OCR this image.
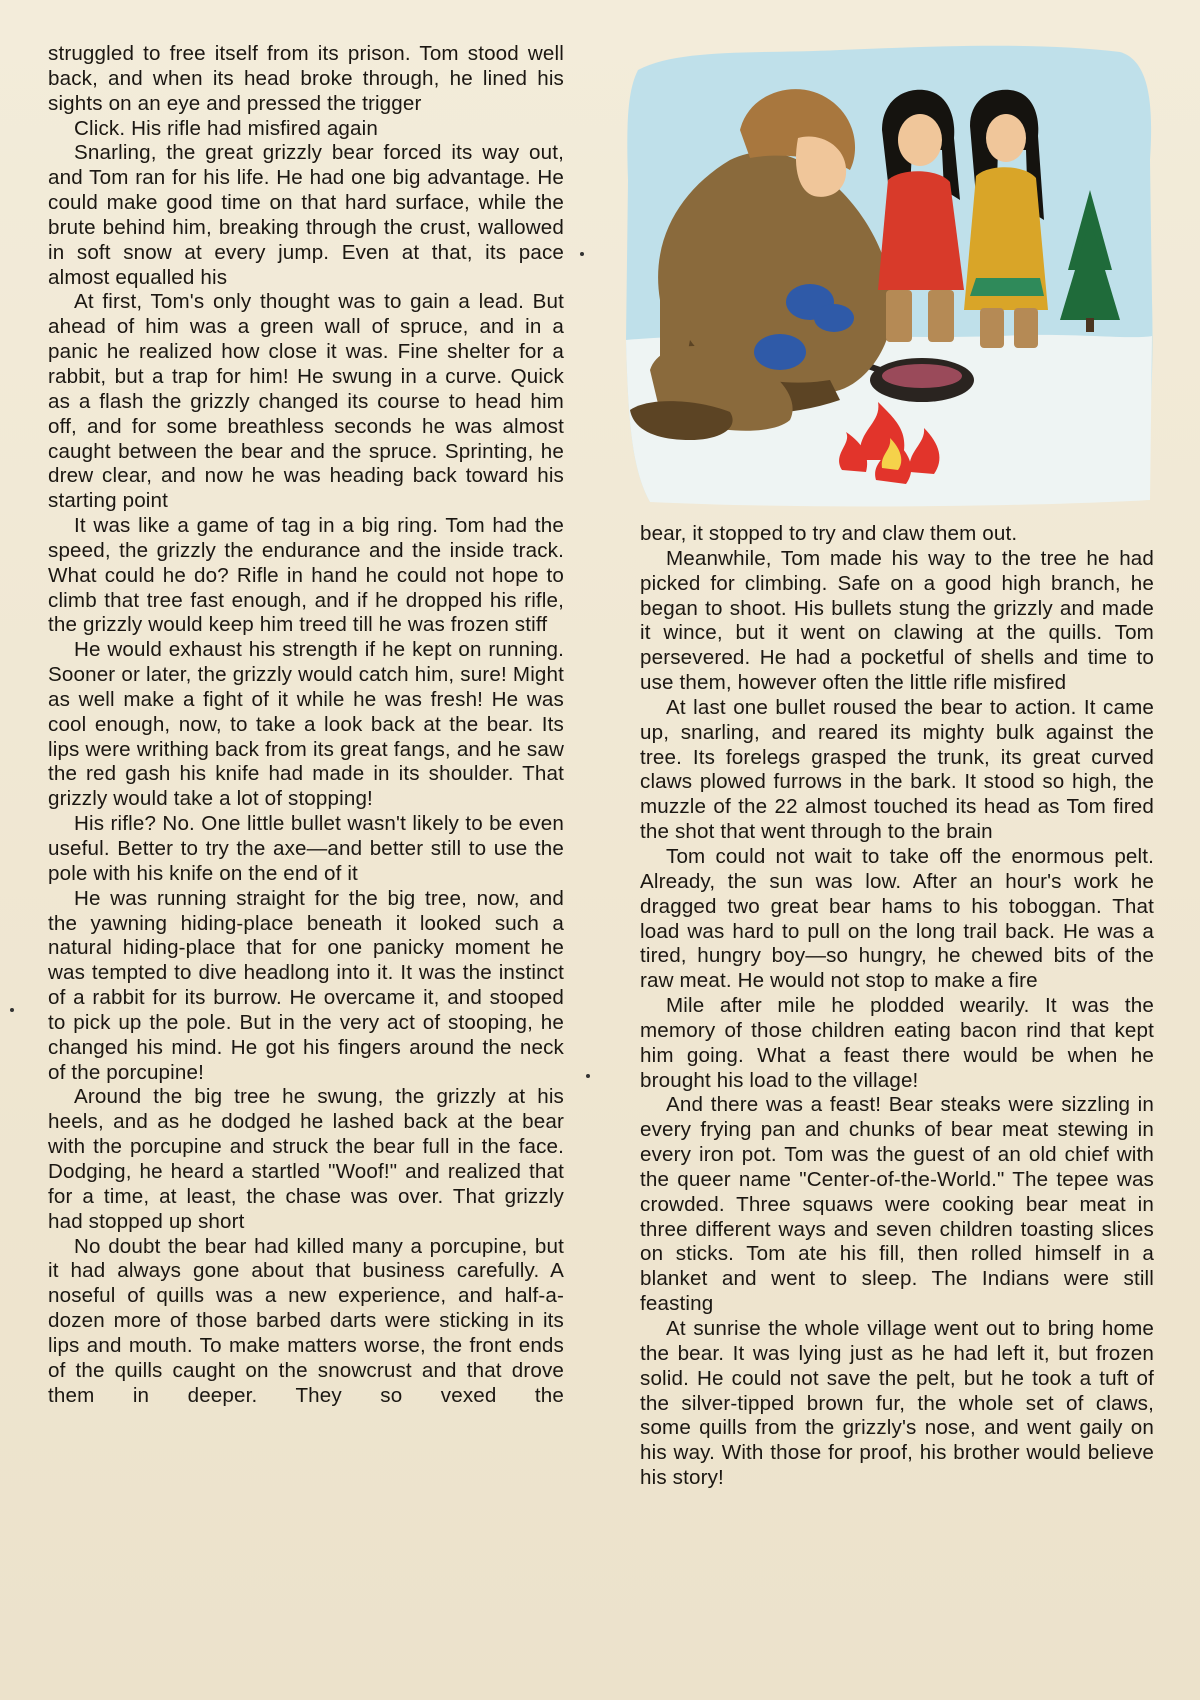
struggled to free itself from its prison. Tom stood well back, and when its head broke through, he lined his sights on an eye and pressed the trigger

Click. His rifle had misfired again

Snarling, the great grizzly bear forced its way out, and Tom ran for his life. He had one big advantage. He could make good time on that hard surface, while the brute behind him, breaking through the crust, wallowed in soft snow at every jump. Even at that, its pace almost equalled his

At first, Tom's only thought was to gain a lead. But ahead of him was a green wall of spruce, and in a panic he realized how close it was. Fine shelter for a rabbit, but a trap for him! He swung in a curve. Quick as a flash the grizzly changed its course to head him off, and for some breathless seconds he was almost caught between the bear and the spruce. Sprinting, he drew clear, and now he was heading back toward his starting point

It was like a game of tag in a big ring. Tom had the speed, the grizzly the endurance and the inside track. What could he do? Rifle in hand he could not hope to climb that tree fast enough, and if he dropped his rifle, the grizzly would keep him treed till he was frozen stiff

He would exhaust his strength if he kept on running. Sooner or later, the grizzly would catch him, sure! Might as well make a fight of it while he was fresh! He was cool enough, now, to take a look back at the bear. Its lips were writhing back from its great fangs, and he saw the red gash his knife had made in its shoulder. That grizzly would take a lot of stopping!

His rifle? No. One little bullet wasn't likely to be even useful. Better to try the axe—and better still to use the pole with his knife on the end of it

He was running straight for the big tree, now, and the yawning hiding-place beneath it looked such a natural hiding-place that for one panicky moment he was tempted to dive headlong into it. It was the instinct of a rabbit for its burrow. He overcame it, and stooped to pick up the pole. But in the very act of stooping, he changed his mind. He got his fingers around the neck of the porcupine!

Around the big tree he swung, the grizzly at his heels, and as he dodged he lashed back at the bear with the porcupine and struck the bear full in the face. Dodging, he heard a startled "Woof!" and realized that for a time, at least, the chase was over. That grizzly had stopped up short

No doubt the bear had killed many a porcupine, but it had always gone about that business carefully. A noseful of quills was a new experience, and half-a-dozen more of those barbed darts were sticking in its lips and mouth. To make matters worse, the front ends of the quills caught on the snowcrust and that drove them in deeper. They so vexed the

bear, it stopped to try and claw them out.

Meanwhile, Tom made his way to the tree he had picked for climbing. Safe on a good high branch, he began to shoot. His bullets stung the grizzly and made it wince, but it went on clawing at the quills. Tom persevered. He had a pocketful of shells and time to use them, however often the little rifle misfired

At last one bullet roused the bear to action. It came up, snarling, and reared its mighty bulk against the tree. Its forelegs grasped the trunk, its great curved claws plowed furrows in the bark. It stood so high, the muzzle of the 22 almost touched its head as Tom fired the shot that went through to the brain

Tom could not wait to take off the enormous pelt. Already, the sun was low. After an hour's work he dragged two great bear hams to his toboggan. That load was hard to pull on the long trail back. He was a tired, hungry boy—so hungry, he chewed bits of the raw meat. He would not stop to make a fire

Mile after mile he plodded wearily. It was the memory of those children eating bacon rind that kept him going. What a feast there would be when he brought his load to the village!

And there was a feast! Bear steaks were sizzling in every frying pan and chunks of bear meat stewing in every iron pot. Tom was the guest of an old chief with the queer name "Center-of-the-World." The tepee was crowded. Three squaws were cooking bear meat in three different ways and seven children toasting slices on sticks. Tom ate his fill, then rolled himself in a blanket and went to sleep. The Indians were still feasting

At sunrise the whole village went out to bring home the bear. It was lying just as he had left it, but frozen solid. He could not save the pelt, but he took a tuft of the silver-tipped brown fur, the whole set of claws, some quills from the grizzly's nose, and went gaily on his way. With those for proof, his brother would believe his story!
